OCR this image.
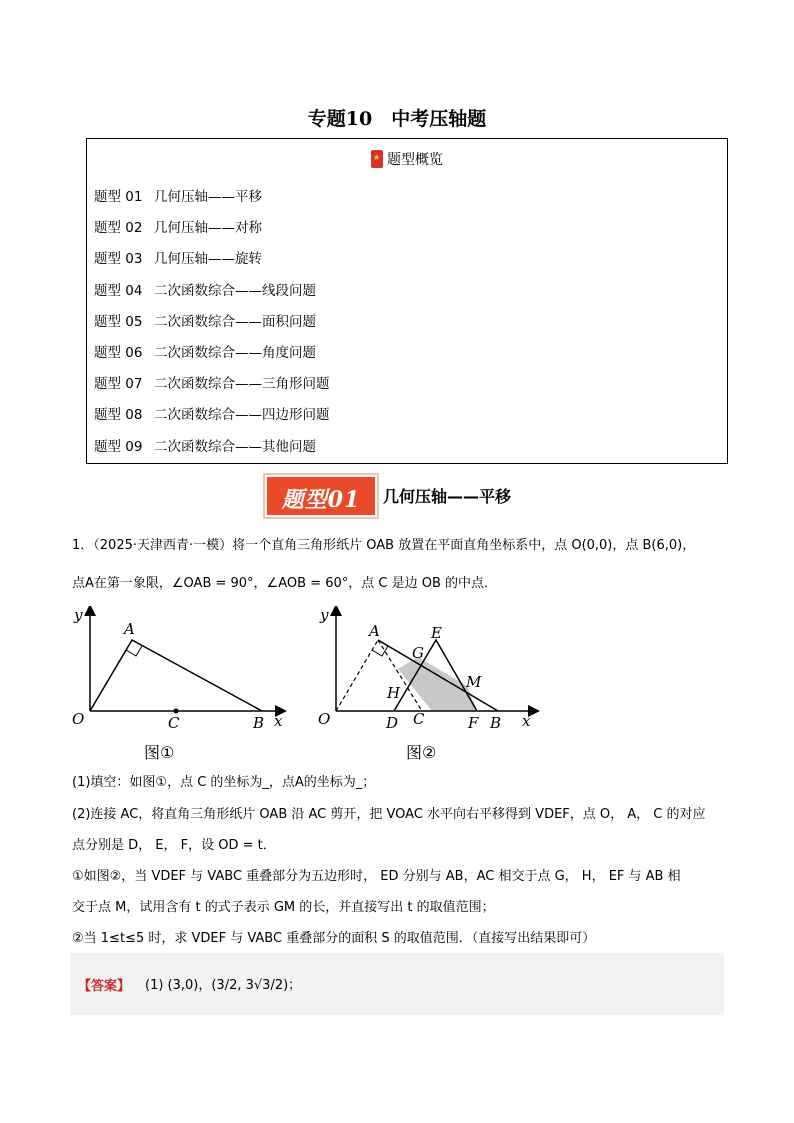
专题10　中考压轴题
★题型概览
题型 01 几何压轴——平移
题型 02 几何压轴——对称
题型 03 几何压轴——旋转
题型 04 二次函数综合——线段问题
题型 05 二次函数综合——面积问题
题型 06 二次函数综合——角度问题
题型 07 二次函数综合——三角形问题
题型 08 二次函数综合——四边形问题
题型 09 二次函数综合——其他问题
题型01	几何压轴——平移
1．（2025·天津西青·一模）将一个直角三角形纸片 OAB 放置在平面直角坐标系中，点 O(0,0)，点 B(6,0)，
点A在第一象限，∠OAB = 90°，∠AOB = 60°，点 C 是边 OB 的中点．
y
x
O
A
C	B
图①
y
x
O
A	E
G
M
H
D C	F B
图②
(1)填空：如图①，点 C 的坐标为_，点A的坐标为_；
(2)连接 AC，将直角三角形纸片 OAB 沿 AC 剪开，把 VOAC 水平向右平移得到 VDEF，点 O， A， C 的对应
点分别是 D， E， F，设 OD = t．
①如图②，当 VDEF 与 VABC 重叠部分为五边形时， ED 分别与 AB，AC 相交于点 G， H， EF 与 AB 相
交于点 M，试用含有 t 的式子表示 GM 的长，并直接写出 t 的取值范围；
②当 1≤t≤5 时，求 VDEF 与 VABC 重叠部分的面积 S 的取值范围．（直接写出结果即可）
【答案】 (1) (3,0)，(3/2, 3√3/2)；
